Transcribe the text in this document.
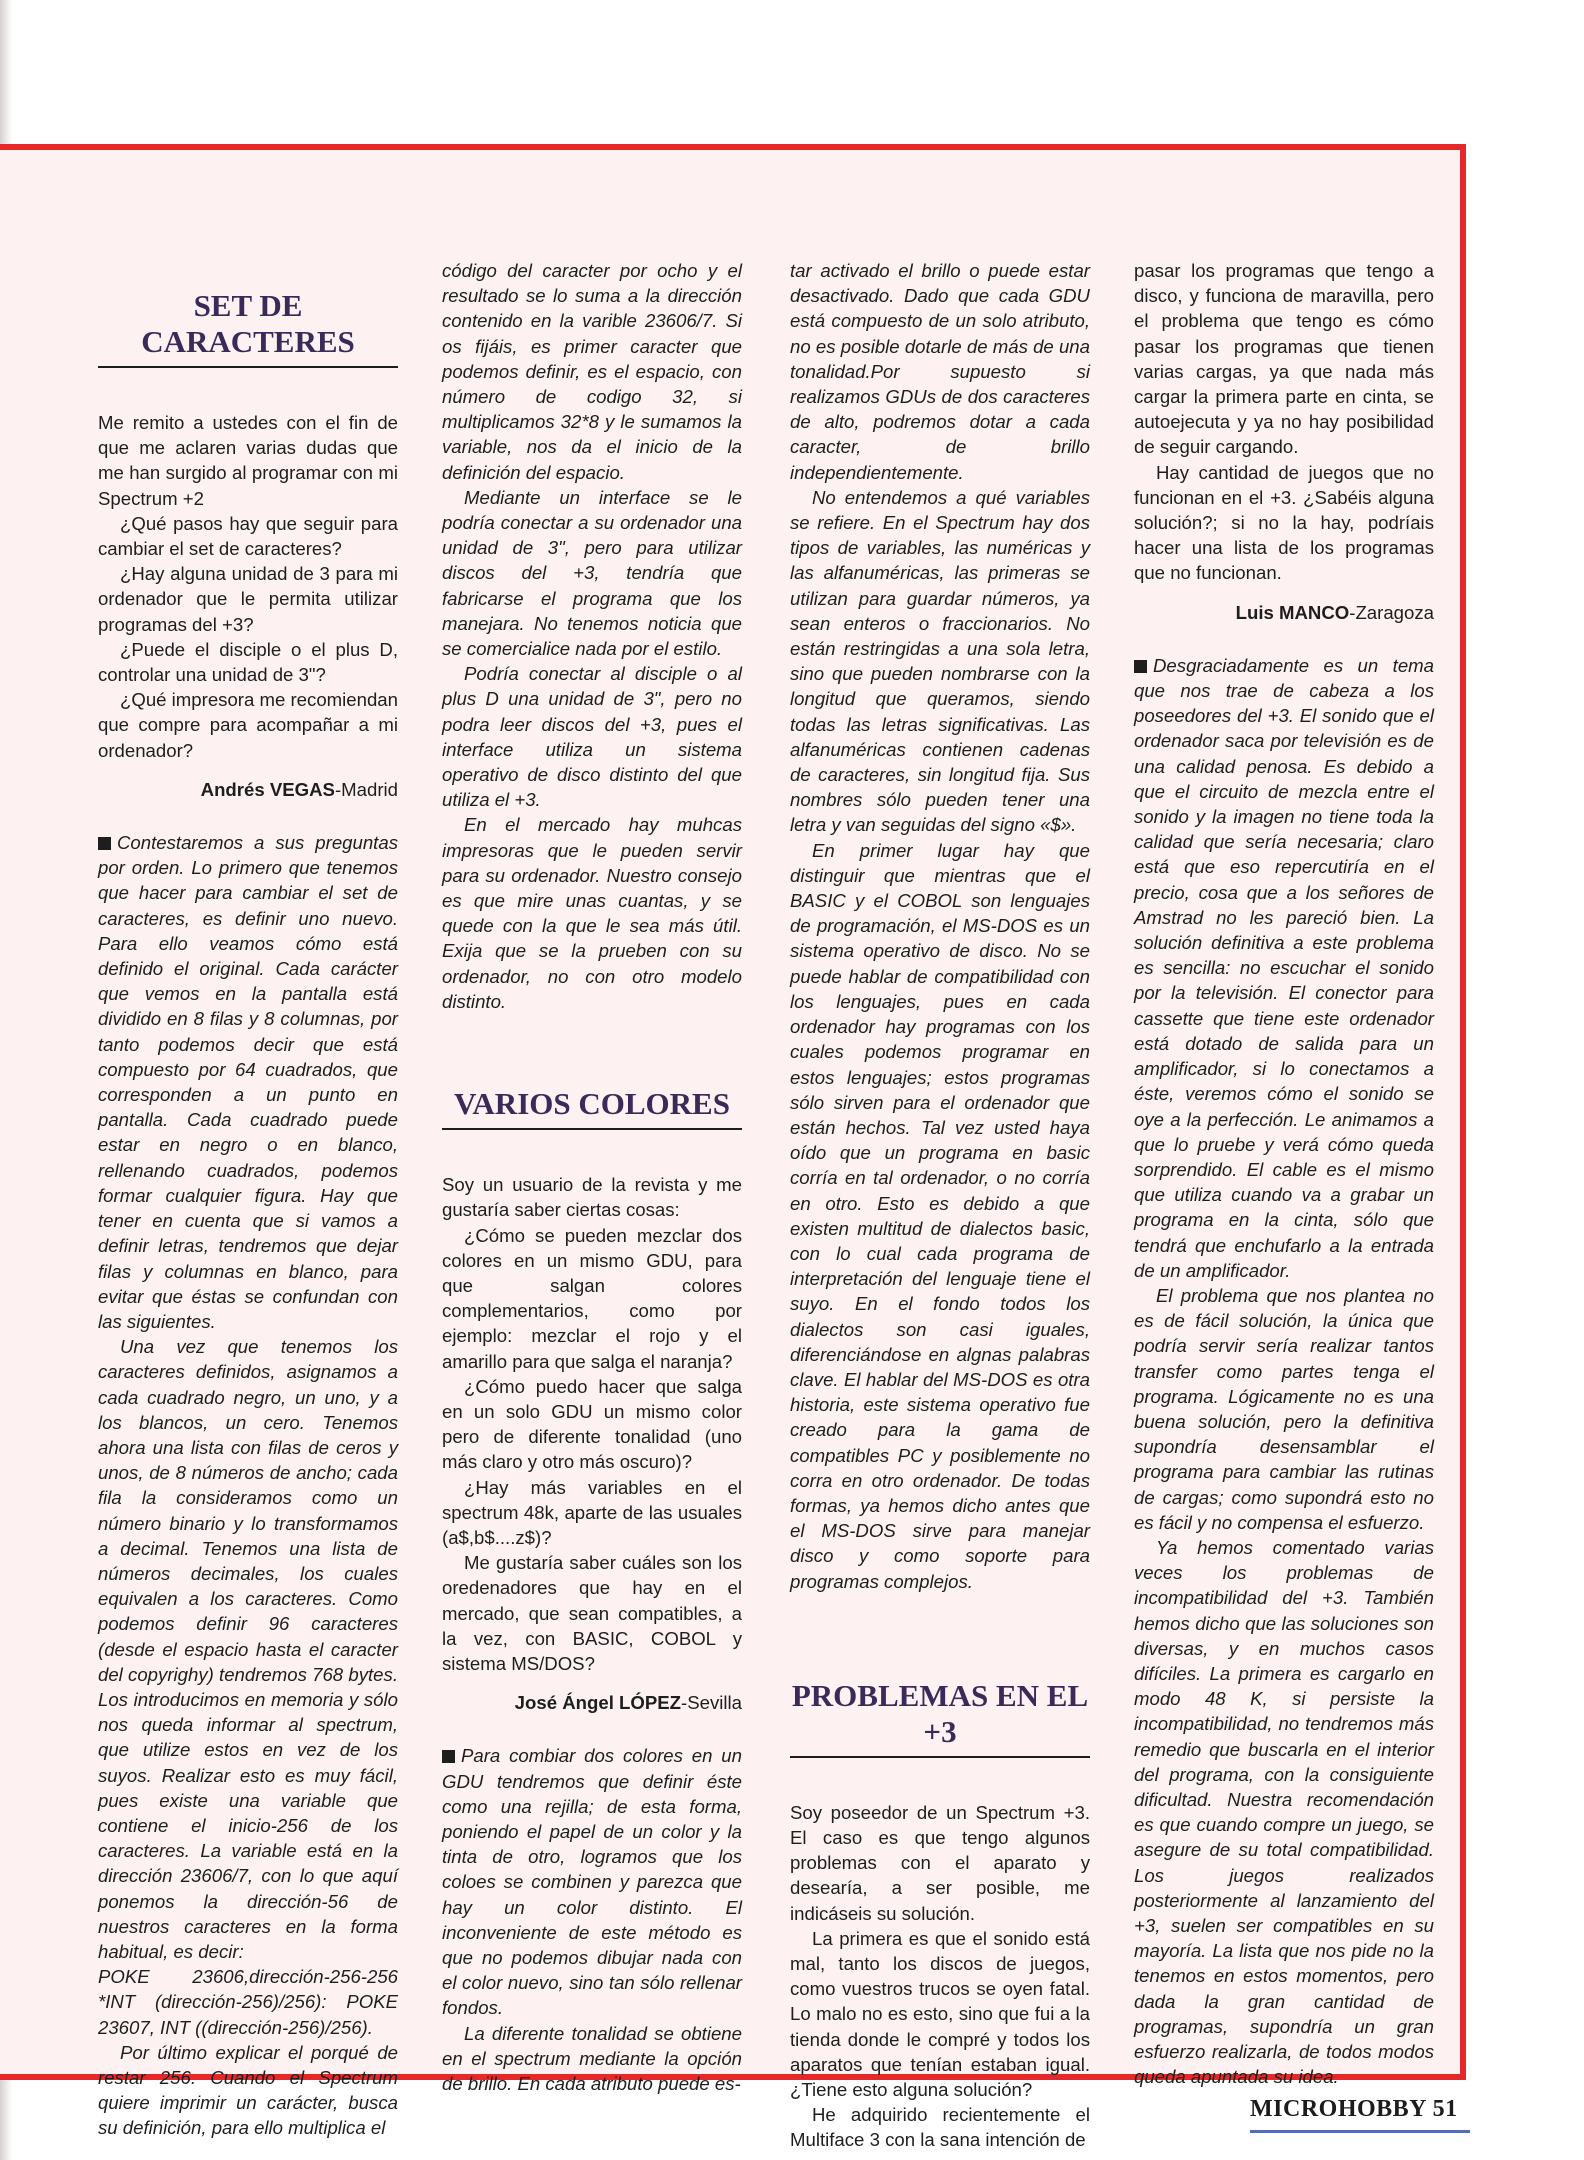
SET DE CARACTERES

Me remito a ustedes con el fin de que me aclaren varias dudas que me han surgido al programar con mi Spectrum +2

¿Qué pasos hay que seguir para cambiar el set de caracteres?

¿Hay alguna unidad de 3 para mi ordenador que le permita utilizar programas del +3?

¿Puede el disciple o el plus D, controlar una unidad de 3"?

¿Qué impresora me recomiendan que compre para acompañar a mi ordenador?

Andrés VEGAS-Madrid

Contestaremos a sus preguntas por orden. Lo primero que tenemos que hacer para cambiar el set de caracteres, es definir uno nuevo. Para ello veamos cómo está definido el original. Cada carácter que vemos en la pantalla está dividido en 8 filas y 8 columnas, por tanto podemos decir que está compuesto por 64 cuadrados, que corresponden a un punto en pantalla. Cada cuadrado puede estar en negro o en blanco, rellenando cuadrados, podemos formar cualquier figura. Hay que tener en cuenta que si vamos a definir letras, tendremos que dejar filas y columnas en blanco, para evitar que éstas se confundan con las siguientes.

Una vez que tenemos los caracteres definidos, asignamos a cada cuadrado negro, un uno, y a los blancos, un cero. Tenemos ahora una lista con filas de ceros y unos, de 8 números de ancho; cada fila la consideramos como un número binario y lo transformamos a decimal. Tenemos una lista de números decimales, los cuales equivalen a los caracteres. Como podemos definir 96 caracteres (desde el espacio hasta el caracter del copyrighy) tendremos 768 bytes. Los introducimos en memoria y sólo nos queda informar al spectrum, que utilize estos en vez de los suyos. Realizar esto es muy fácil, pues existe una variable que contiene el inicio-256 de los caracteres. La variable está en la dirección 23606/7, con lo que aquí ponemos la dirección-56 de nuestros caracteres en la forma habitual, es decir:

POKE 23606,dirección-256-256 *INT (dirección-256)/256): POKE 23607, INT ((dirección-256)/256).

Por último explicar el porqué de restar 256. Cuando el Spectrum quiere imprimir un carácter, busca su definición, para ello multiplica el

código del caracter por ocho y el resultado se lo suma a la dirección contenido en la varible 23606/7. Si os fijáis, es primer caracter que podemos definir, es el espacio, con número de codigo 32, si multiplicamos 32*8 y le sumamos la variable, nos da el inicio de la definición del espacio.

Mediante un interface se le podría conectar a su ordenador una unidad de 3", pero para utilizar discos del +3, tendría que fabricarse el programa que los manejara. No tenemos noticia que se comercialice nada por el estilo.

Podría conectar al disciple o al plus D una unidad de 3", pero no podra leer discos del +3, pues el interface utiliza un sistema operativo de disco distinto del que utiliza el +3.

En el mercado hay muhcas impresoras que le pueden servir para su ordenador. Nuestro consejo es que mire unas cuantas, y se quede con la que le sea más útil. Exija que se la prueben con su ordenador, no con otro modelo distinto.

VARIOS COLORES

Soy un usuario de la revista y me gustaría saber ciertas cosas:

¿Cómo se pueden mezclar dos colores en un mismo GDU, para que salgan colores complementarios, como por ejemplo: mezclar el rojo y el amarillo para que salga el naranja?

¿Cómo puedo hacer que salga en un solo GDU un mismo color pero de diferente tonalidad (uno más claro y otro más oscuro)?

¿Hay más variables en el spectrum 48k, aparte de las usuales (a$,b$....z$)?

Me gustaría saber cuáles son los oredenadores que hay en el mercado, que sean compatibles, a la vez, con BASIC, COBOL y sistema MS/DOS?

José Ángel LÓPEZ-Sevilla

Para combiar dos colores en un GDU tendremos que definir éste como una rejilla; de esta forma, poniendo el papel de un color y la tinta de otro, logramos que los coloes se combinen y parezca que hay un color distinto. El inconveniente de este método es que no podemos dibujar nada con el color nuevo, sino tan sólo rellenar fondos.

La diferente tonalidad se obtiene en el spectrum mediante la opción de brillo. En cada atributo puede es-

tar activado el brillo o puede estar desactivado. Dado que cada GDU está compuesto de un solo atributo, no es posible dotarle de más de una tonalidad.Por supuesto si realizamos GDUs de dos caracteres de alto, podremos dotar a cada caracter, de brillo independientemente.

No entendemos a qué variables se refiere. En el Spectrum hay dos tipos de variables, las numéricas y las alfanuméricas, las primeras se utilizan para guardar números, ya sean enteros o fraccionarios. No están restringidas a una sola letra, sino que pueden nombrarse con la longitud que queramos, siendo todas las letras significativas. Las alfanuméricas contienen cadenas de caracteres, sin longitud fija. Sus nombres sólo pueden tener una letra y van seguidas del signo «$».

En primer lugar hay que distinguir que mientras que el BASIC y el COBOL son lenguajes de programación, el MS-DOS es un sistema operativo de disco. No se puede hablar de compatibilidad con los lenguajes, pues en cada ordenador hay programas con los cuales podemos programar en estos lenguajes; estos programas sólo sirven para el ordenador que están hechos. Tal vez usted haya oído que un programa en basic corría en tal ordenador, o no corría en otro. Esto es debido a que existen multitud de dialectos basic, con lo cual cada programa de interpretación del lenguaje tiene el suyo. En el fondo todos los dialectos son casi iguales, diferenciándose en algnas palabras clave. El hablar del MS-DOS es otra historia, este sistema operativo fue creado para la gama de compatibles PC y posiblemente no corra en otro ordenador. De todas formas, ya hemos dicho antes que el MS-DOS sirve para manejar disco y como soporte para programas complejos.

PROBLEMAS EN EL +3

Soy poseedor de un Spectrum +3. El caso es que tengo algunos problemas con el aparato y desearía, a ser posible, me indicáseis su solución.

La primera es que el sonido está mal, tanto los discos de juegos, como vuestros trucos se oyen fatal. Lo malo no es esto, sino que fui a la tienda donde le compré y todos los aparatos que tenían estaban igual. ¿Tiene esto alguna solución?

He adquirido recientemente el Multiface 3 con la sana intención de

pasar los programas que tengo a disco, y funciona de maravilla, pero el problema que tengo es cómo pasar los programas que tienen varias cargas, ya que nada más cargar la primera parte en cinta, se autoejecuta y ya no hay posibilidad de seguir cargando.

Hay cantidad de juegos que no funcionan en el +3. ¿Sabéis alguna solución?; si no la hay, podríais hacer una lista de los programas que no funcionan.

Luis MANCO-Zaragoza

Desgraciadamente es un tema que nos trae de cabeza a los poseedores del +3. El sonido que el ordenador saca por televisión es de una calidad penosa. Es debido a que el circuito de mezcla entre el sonido y la imagen no tiene toda la calidad que sería necesaria; claro está que eso repercutiría en el precio, cosa que a los señores de Amstrad no les pareció bien. La solución definitiva a este problema es sencilla: no escuchar el sonido por la televisión. El conector para cassette que tiene este ordenador está dotado de salida para un amplificador, si lo conectamos a éste, veremos cómo el sonido se oye a la perfección. Le animamos a que lo pruebe y verá cómo queda sorprendido. El cable es el mismo que utiliza cuando va a grabar un programa en la cinta, sólo que tendrá que enchufarlo a la entrada de un amplificador.

El problema que nos plantea no es de fácil solución, la única que podría servir sería realizar tantos transfer como partes tenga el programa. Lógicamente no es una buena solución, pero la definitiva supondría desensamblar el programa para cambiar las rutinas de cargas; como supondrá esto no es fácil y no compensa el esfuerzo.

Ya hemos comentado varias veces los problemas de incompatibilidad del +3. También hemos dicho que las soluciones son diversas, y en muchos casos difíciles. La primera es cargarlo en modo 48 K, si persiste la incompatibilidad, no tendremos más remedio que buscarla en el interior del programa, con la consiguiente dificultad. Nuestra recomendación es que cuando compre un juego, se asegure de su total compatibilidad. Los juegos realizados posteriormente al lanzamiento del +3, suelen ser compatibles en su mayoría. La lista que nos pide no la tenemos en estos momentos, pero dada la gran cantidad de programas, supondría un gran esfuerzo realizarla, de todos modos queda apuntada su idea.

MICROHOBBY 51
